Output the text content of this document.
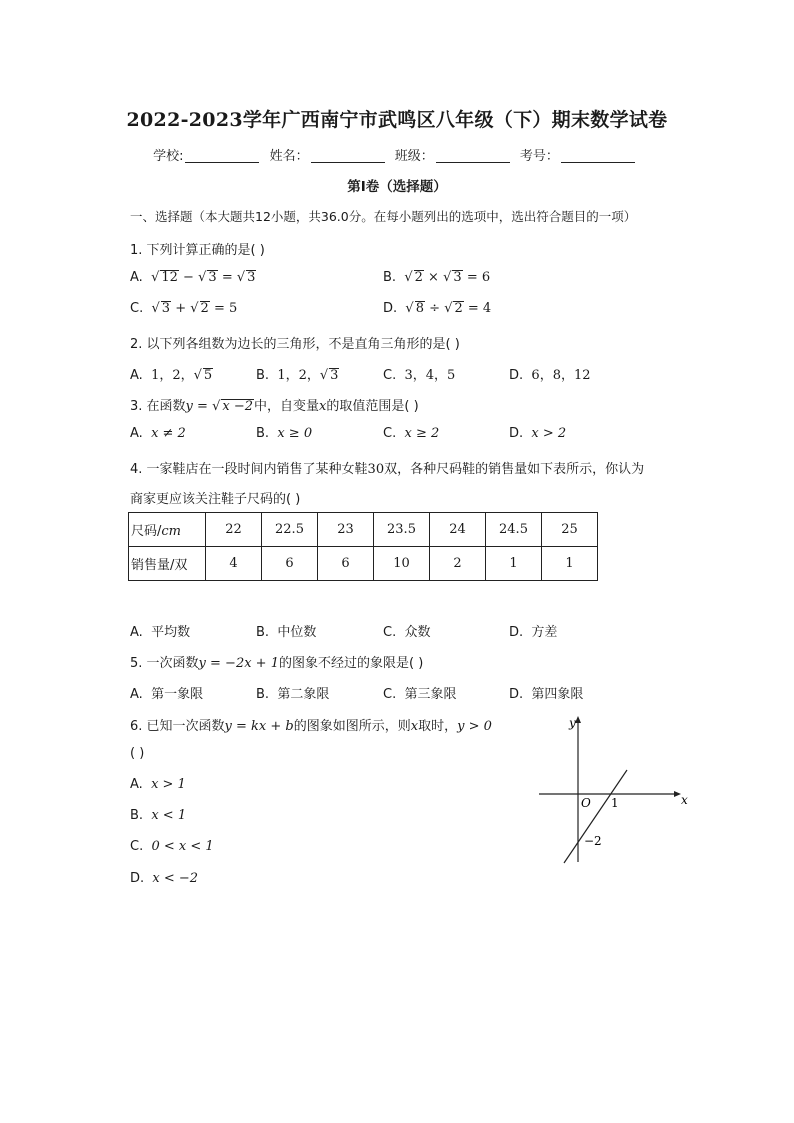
2022-2023学年广西南宁市武鸣区八年级（下）期末数学试卷
学校:	姓名：	班级：	考号：
第I卷（选择题）
一、选择题（本大题共12小题，共36.0分。在每小题列出的选项中，选出符合题目的一项）
1. 下列计算正确的是( )
A. √ 12 − √ 3 = √ 3	B. √ 2 × √ 3 = 6
C. √ 3 + √ 2 = 5	D. √ 8 ÷ √ 2 = 4
2. 以下列各组数为边长的三角形，不是直角三角形的是( )
A. 1，2，√ 5	B. 1，2，√ 3	C. 3，4，5	D. 6，8，12
3. 在函数y = √ x −2中，自变量x的取值范围是( )
A. x ≠ 2	B. x ≥ 0	C. x ≥ 2	D. x > 2
4. 一家鞋店在一段时间内销售了某种女鞋30双，各种尺码鞋的销售量如下表所示，你认为
商家更应该关注鞋子尺码的( )
尺码/cm	22	22.5	23	23.5	24	24.5	25
销售量/双	4	6	6	10	2	1	1
A. 平均数	B. 中位数	C. 众数	D. 方差
5. 一次函数y = −2x + 1的图象不经过的象限是( )
A. 第一象限	B. 第二象限	C. 第三象限	D. 第四象限
6. 已知一次函数y = kx + b的图象如图所示，则x取时，y > 0
( )
A. x > 1
B. x < 1
C. 0 < x < 1
D. x < −2
y
x
O 1
−2
